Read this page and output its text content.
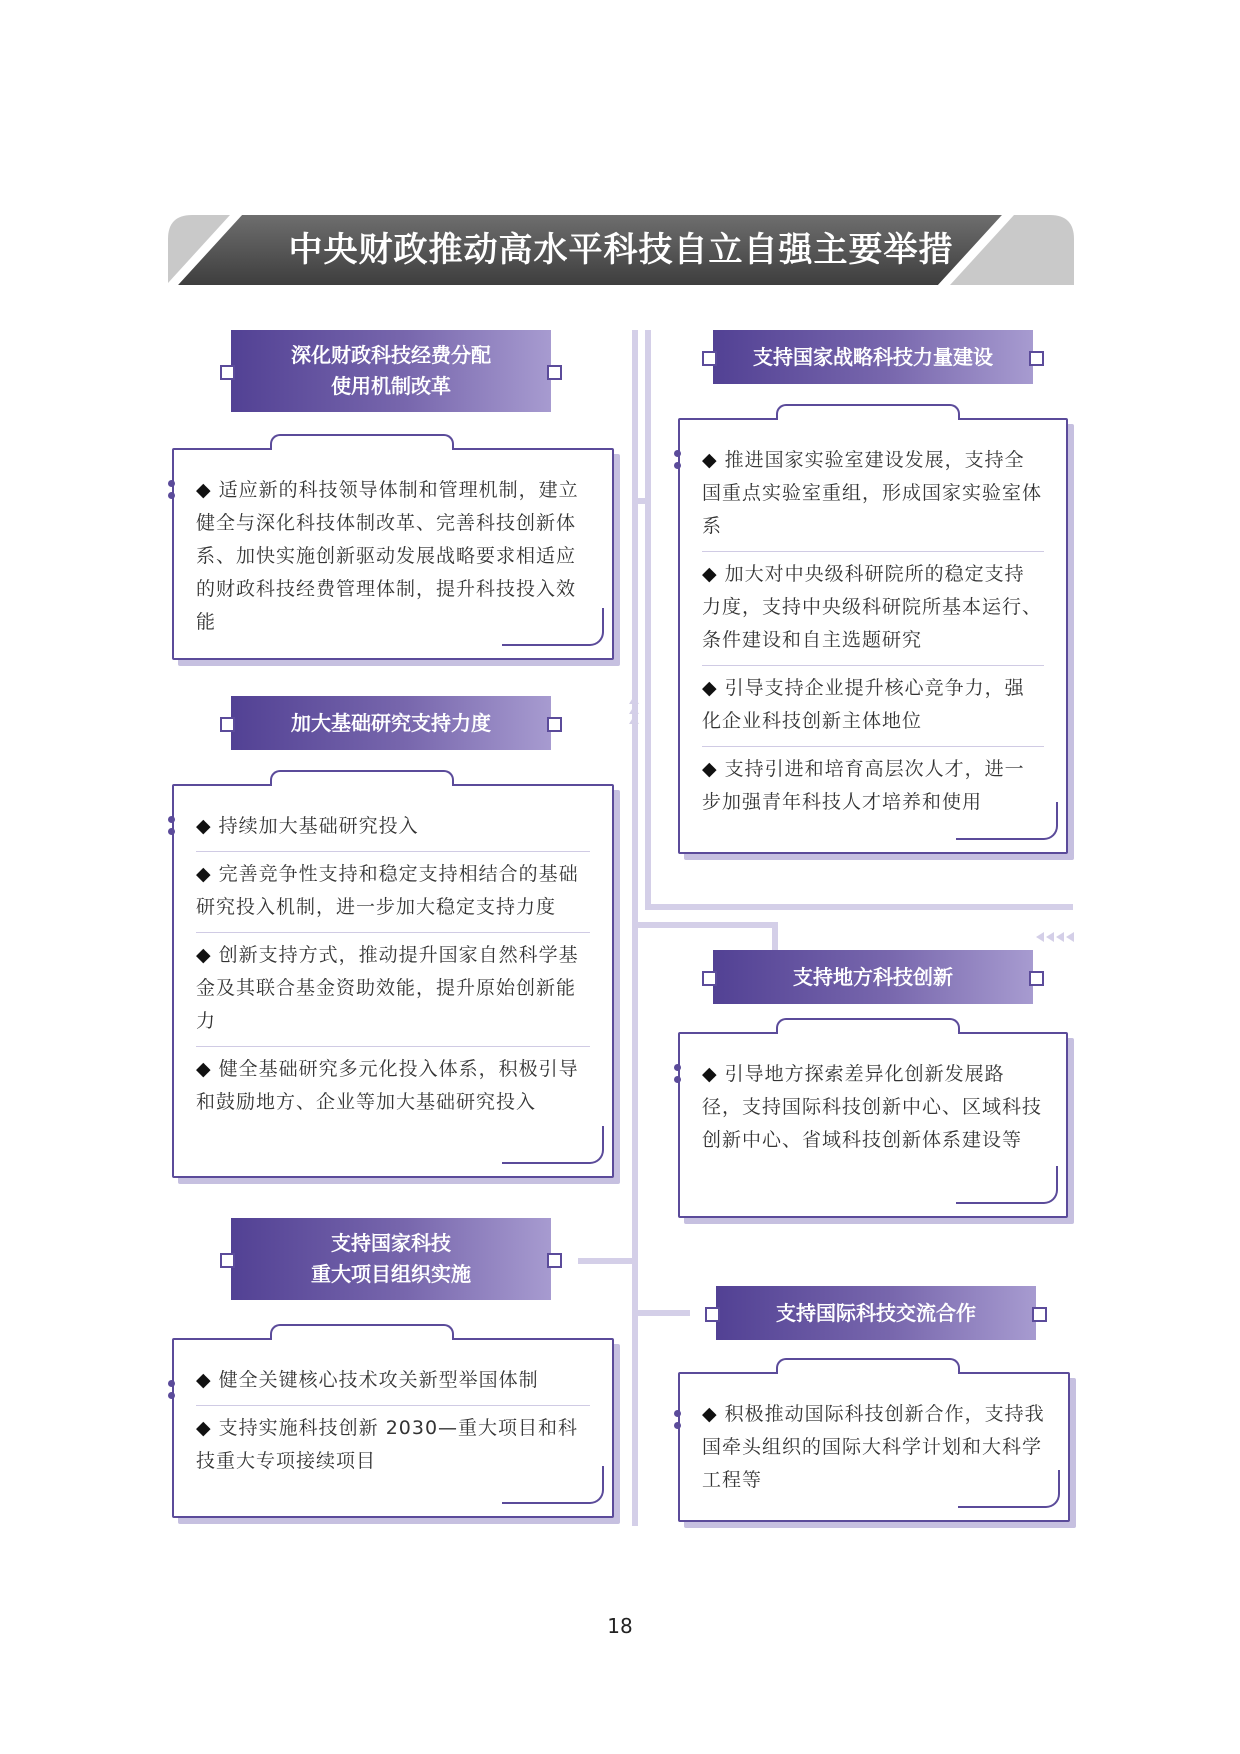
中央财政推动高水平科技自立自强主要举措
深化财政科技经费分配
使用机制改革
◆ 适应新的科技领导体制和管理机制，建立健全与深化科技体制改革、完善科技创新体系、加快实施创新驱动发展战略要求相适应的财政科技经费管理体制，提升科技投入效能
加大基础研究支持力度
◆ 持续加大基础研究投入
◆ 完善竞争性支持和稳定支持相结合的基础研究投入机制，进一步加大稳定支持力度
◆ 创新支持方式，推动提升国家自然科学基金及其联合基金资助效能，提升原始创新能力
◆ 健全基础研究多元化投入体系，积极引导和鼓励地方、企业等加大基础研究投入
支持国家科技
重大项目组织实施
◆ 健全关键核心技术攻关新型举国体制
◆ 支持实施科技创新 2030—重大项目和科技重大专项接续项目
支持国家战略科技力量建设
◆ 推进国家实验室建设发展，支持全国重点实验室重组，形成国家实验室体系
◆ 加大对中央级科研院所的稳定支持力度，支持中央级科研院所基本运行、条件建设和自主选题研究
◆ 引导支持企业提升核心竞争力，强化企业科技创新主体地位
◆ 支持引进和培育高层次人才，进一步加强青年科技人才培养和使用
支持地方科技创新
◆ 引导地方探索差异化创新发展路径，支持国际科技创新中心、区域科技创新中心、省域科技创新体系建设等
支持国际科技交流合作
◆ 积极推动国际科技创新合作，支持我国牵头组织的国际大科学计划和大科学工程等
18
